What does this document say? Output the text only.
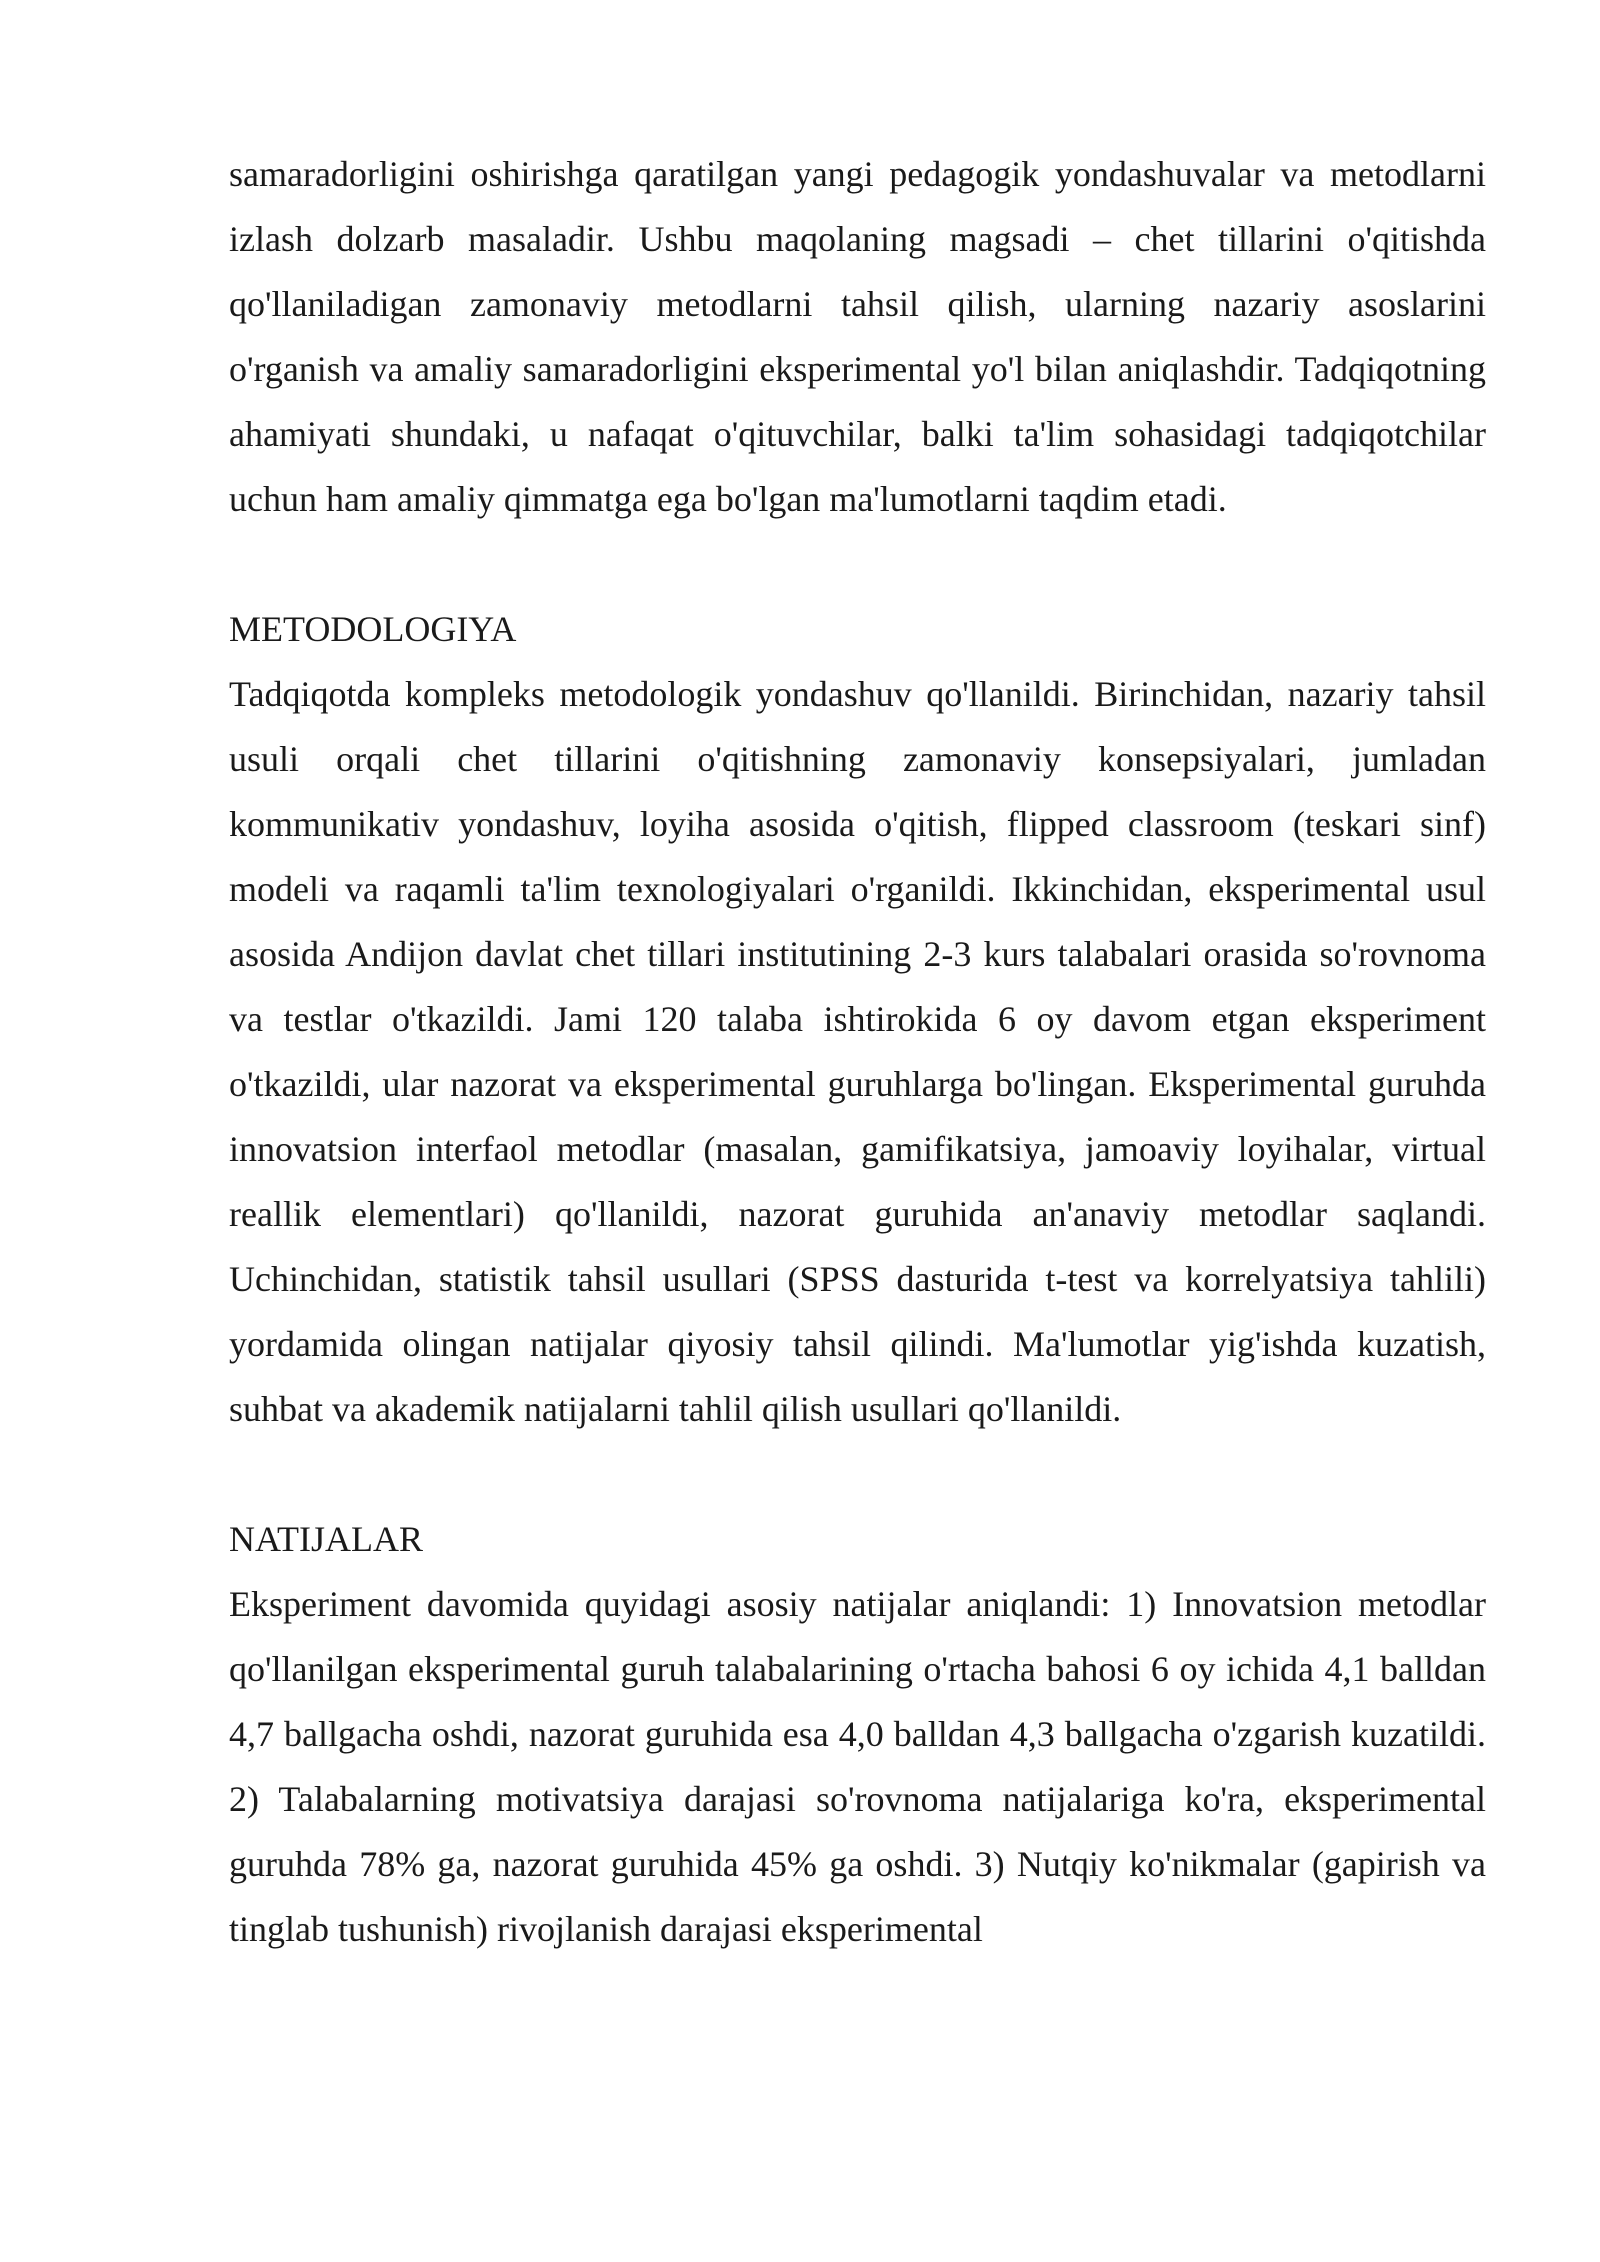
samaradorligini oshirishga qaratilgan yangi pedagogik yondashuvalar va metodlarni izlash dolzarb masaladir. Ushbu maqolaning magsadi – chet tillarini o'qitishda qo'llaniladigan zamonaviy metodlarni tahsil qilish, ularning nazariy asoslarini o'rganish va amaliy samaradorligini eksperimental yo'l bilan aniqlashdir. Tadqiqotning ahamiyati shundaki, u nafaqat o'qituvchilar, balki ta'lim sohasidagi tadqiqotchilar uchun ham amaliy qimmatga ega bo'lgan ma'lumotlarni taqdim etadi.

METODOLOGIYA

Tadqiqotda kompleks metodologik yondashuv qo'llanildi. Birinchidan, nazariy tahsil usuli orqali chet tillarini o'qitishning zamonaviy konsepsiyalari, jumladan kommunikativ yondashuv, loyiha asosida o'qitish, flipped classroom (teskari sinf) modeli va raqamli ta'lim texnologiyalari o'rganildi. Ikkinchidan, eksperimental usul asosida Andijon davlat chet tillari institutining 2-3 kurs talabalari orasida so'rovnoma va testlar o'tkazildi. Jami 120 talaba ishtirokida 6 oy davom etgan eksperiment o'tkazildi, ular nazorat va eksperimental guruhlarga bo'lingan. Eksperimental guruhda innovatsion interfaol metodlar (masalan, gamifikatsiya, jamoaviy loyihalar, virtual reallik elementlari) qo'llanildi, nazorat guruhida an'anaviy metodlar saqlandi. Uchinchidan, statistik tahsil usullari (SPSS dasturida t-test va korrelyatsiya tahlili) yordamida olingan natijalar qiyosiy tahsil qilindi. Ma'lumotlar yig'ishda kuzatish, suhbat va akademik natijalarni tahlil qilish usullari qo'llanildi.

NATIJALAR

Eksperiment davomida quyidagi asosiy natijalar aniqlandi: 1) Innovatsion metodlar qo'llanilgan eksperimental guruh talabalarining o'rtacha bahosi 6 oy ichida 4,1 balldan 4,7 ballgacha oshdi, nazorat guruhida esa 4,0 balldan 4,3 ballgacha o'zgarish kuzatildi. 2) Talabalarning motivatsiya darajasi so'rovnoma natijalariga ko'ra, eksperimental guruhda 78% ga, nazorat guruhida 45% ga oshdi. 3) Nutqiy ko'nikmalar (gapirish va tinglab tushunish) rivojlanish darajasi eksperimental
